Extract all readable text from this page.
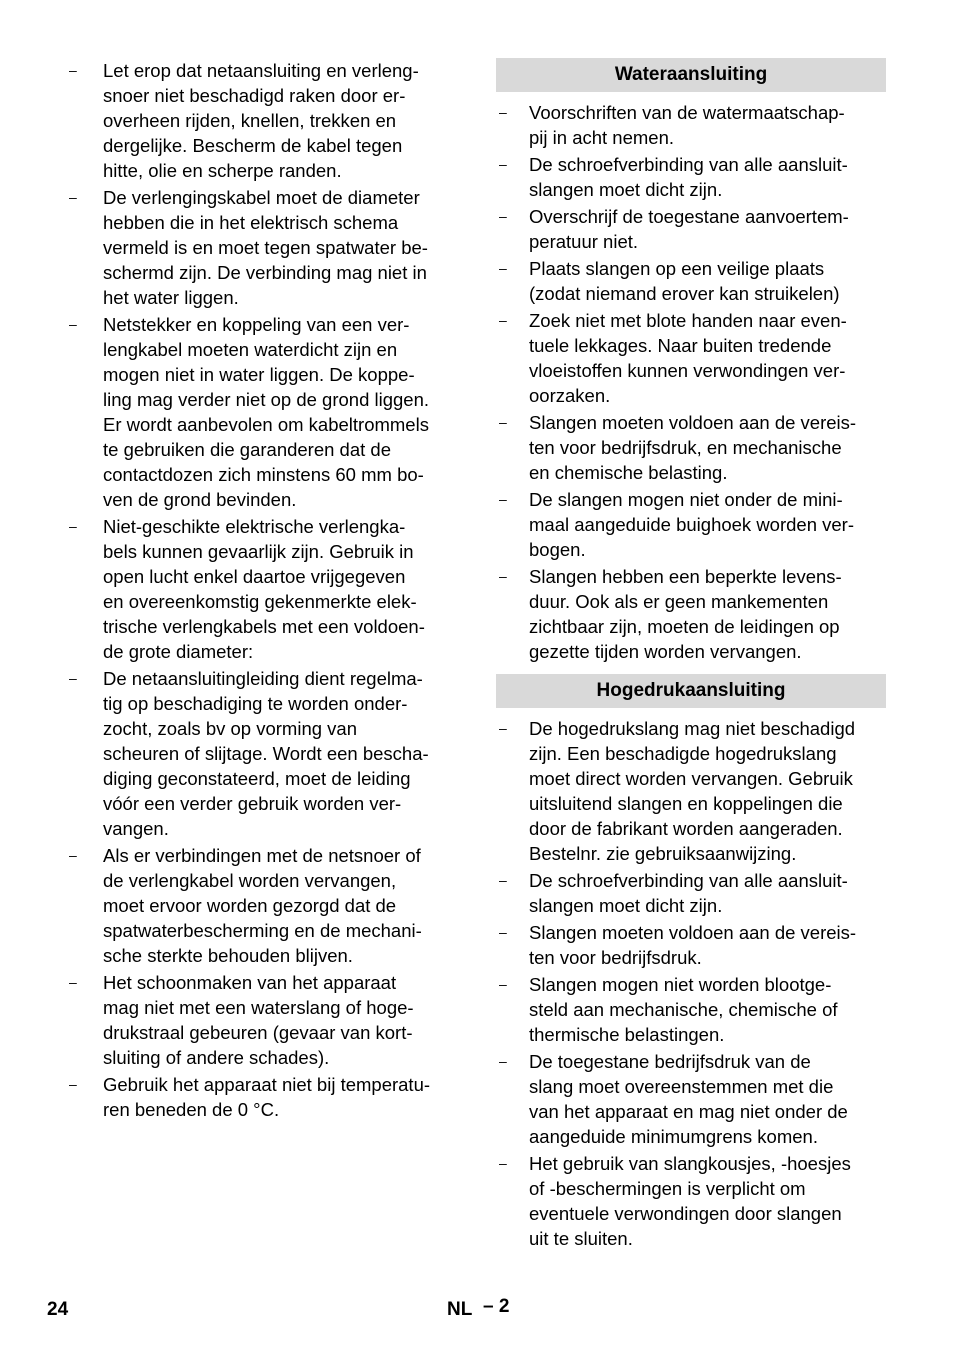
– Let erop dat netaansluiting en verleng-
snoer niet beschadigd raken door er-
overheen rijden, knellen, trekken en
dergelijke. Bescherm de kabel tegen
hitte, olie en scherpe randen.
– De verlengingskabel moet de diameter
hebben die in het elektrisch schema
vermeld is en moet tegen spatwater be-
schermd zijn. De verbinding mag niet in
het water liggen.
– Netstekker en koppeling van een ver-
lengkabel moeten waterdicht zijn en
mogen niet in water liggen. De koppe-
ling mag verder niet op de grond liggen.
Er wordt aanbevolen om kabeltrommels
te gebruiken die garanderen dat de
contactdozen zich minstens 60 mm bo-
ven de grond bevinden.
– Niet-geschikte elektrische verlengka-
bels kunnen gevaarlijk zijn. Gebruik in
open lucht enkel daartoe vrijgegeven
en overeenkomstig gekenmerkte elek-
trische verlengkabels met een voldoen-
de grote diameter:
– De netaansluitingleiding dient regelma-
tig op beschadiging te worden onder-
zocht, zoals bv op vorming van
scheuren of slijtage. Wordt een bescha-
diging geconstateerd, moet de leiding
vóór een verder gebruik worden ver-
vangen.
– Als er verbindingen met de netsnoer of
de verlengkabel worden vervangen,
moet ervoor worden gezorgd dat de
spatwaterbescherming en de mechani-
sche sterkte behouden blijven.
– Het schoonmaken van het apparaat
mag niet met een waterslang of hoge-
drukstraal gebeuren (gevaar van kort-
sluiting of andere schades).
– Gebruik het apparaat niet bij temperatu-
ren beneden de 0 °C.
Wateraansluiting
– Voorschriften van de watermaatschap-
pij in acht nemen.
– De schroefverbinding van alle aansluit-
slangen moet dicht zijn.
– Overschrijf de toegestane aanvoertem-
peratuur niet.
– Plaats slangen op een veilige plaats
(zodat niemand erover kan struikelen)
– Zoek niet met blote handen naar even-
tuele lekkages. Naar buiten tredende
vloeistoffen kunnen verwondingen ver-
oorzaken.
– Slangen moeten voldoen aan de vereis-
ten voor bedrijfsdruk, en mechanische
en chemische belasting.
– De slangen mogen niet onder de mini-
maal aangeduide buighoek worden ver-
bogen.
– Slangen hebben een beperkte levens-
duur. Ook als er geen mankementen
zichtbaar zijn, moeten de leidingen op
gezette tijden worden vervangen.
Hogedrukaansluiting
– De hogedrukslang mag niet beschadigd
zijn. Een beschadigde hogedrukslang
moet direct worden vervangen. Gebruik
uitsluitend slangen en koppelingen die
door de fabrikant worden aangeraden.
Bestelnr. zie gebruiksaanwijzing.
– De schroefverbinding van alle aansluit-
slangen moet dicht zijn.
– Slangen moeten voldoen aan de vereis-
ten voor bedrijfsdruk.
– Slangen mogen niet worden blootge-
steld aan mechanische, chemische of
thermische belastingen.
– De toegestane bedrijfsdruk van de
slang moet overeenstemmen met die
van het apparaat en mag niet onder de
aangeduide minimumgrens komen.
– Het gebruik van slangkousjes, -hoesjes
of -beschermingen is verplicht om
eventuele verwondingen door slangen
uit te sluiten.
24	NL – 2
